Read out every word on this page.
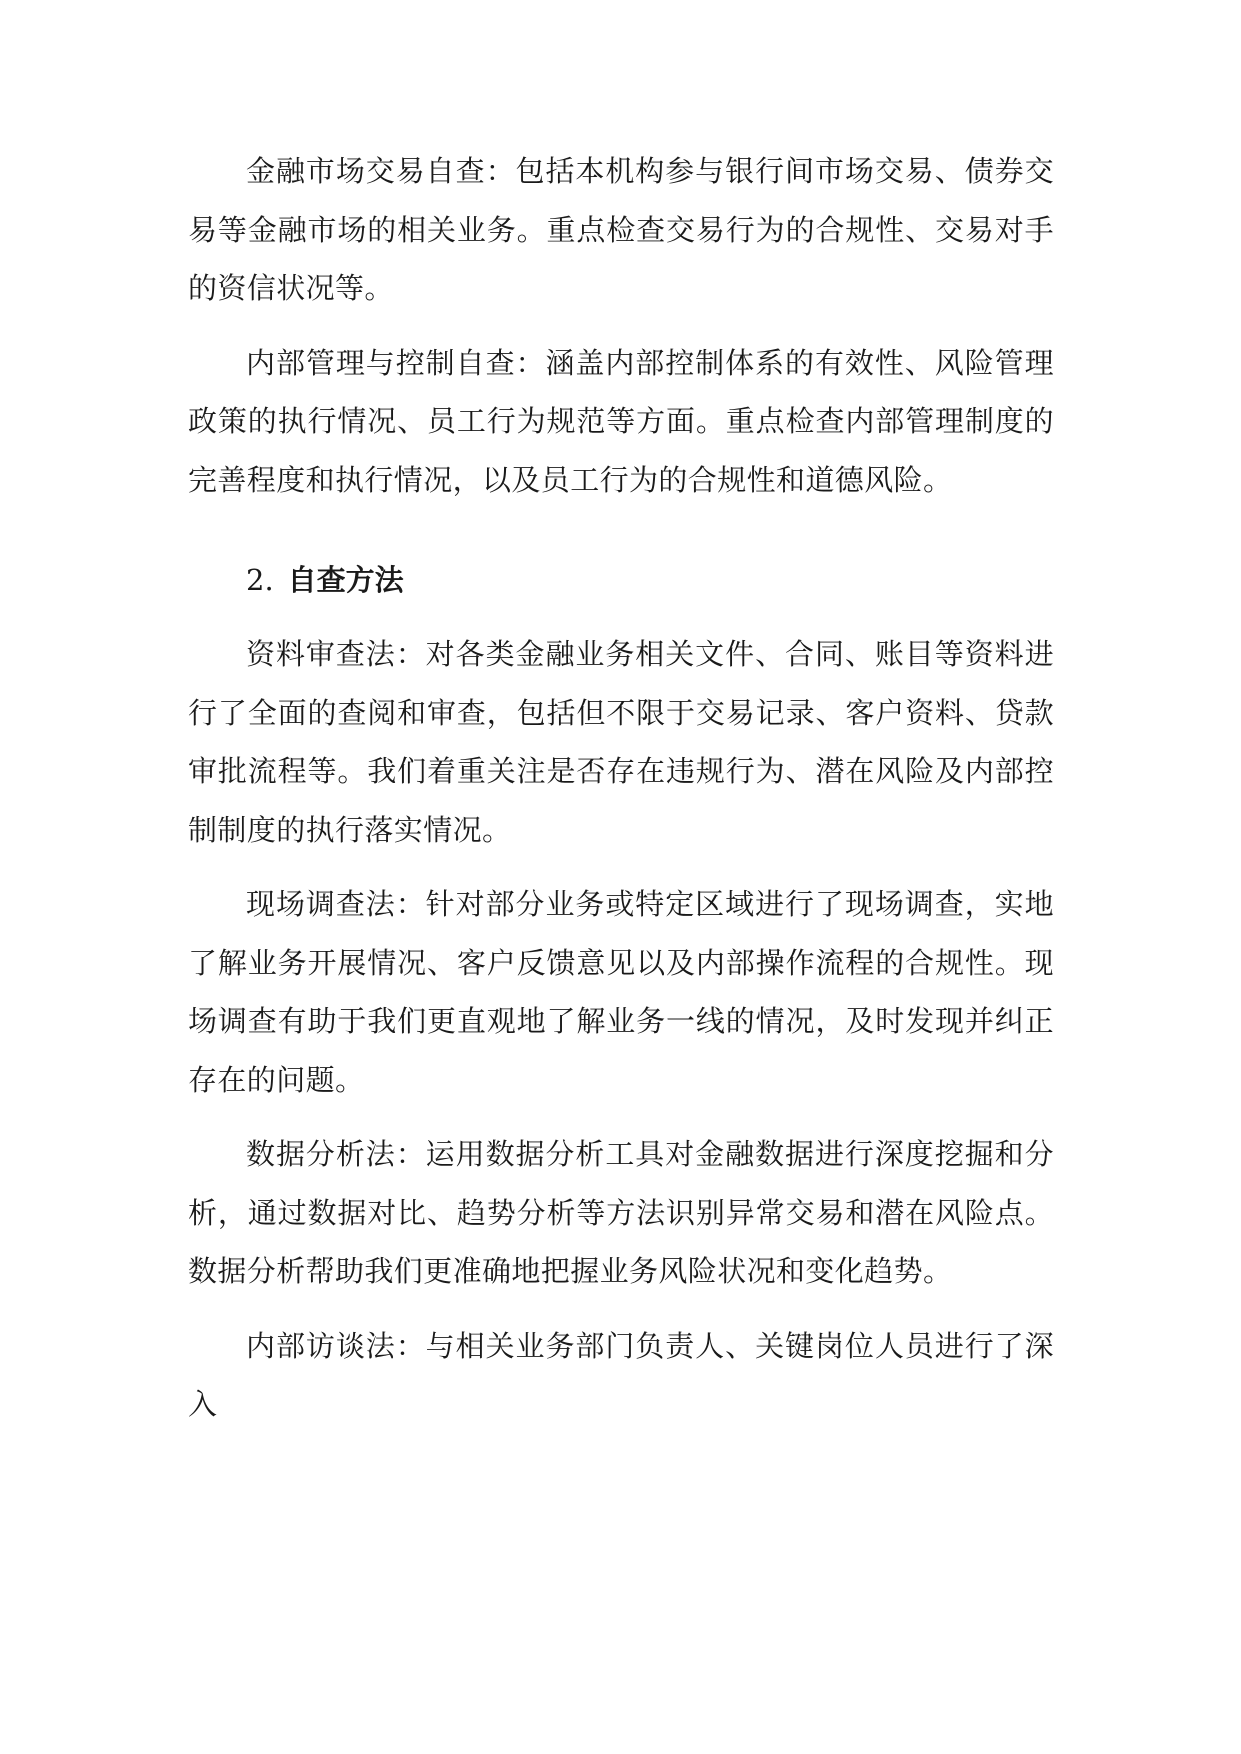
金融市场交易自查：包括本机构参与银行间市场交易、债券交易等金融市场的相关业务。重点检查交易行为的合规性、交易对手的资信状况等。

内部管理与控制自查：涵盖内部控制体系的有效性、风险管理政策的执行情况、员工行为规范等方面。重点检查内部管理制度的完善程度和执行情况，以及员工行为的合规性和道德风险。

2. 自查方法

资料审查法：对各类金融业务相关文件、合同、账目等资料进行了全面的查阅和审查，包括但不限于交易记录、客户资料、贷款审批流程等。我们着重关注是否存在违规行为、潜在风险及内部控制制度的执行落实情况。

现场调查法：针对部分业务或特定区域进行了现场调查，实地了解业务开展情况、客户反馈意见以及内部操作流程的合规性。现场调查有助于我们更直观地了解业务一线的情况，及时发现并纠正存在的问题。

数据分析法：运用数据分析工具对金融数据进行深度挖掘和分析，通过数据对比、趋势分析等方法识别异常交易和潜在风险点。数据分析帮助我们更准确地把握业务风险状况和变化趋势。

内部访谈法：与相关业务部门负责人、关键岗位人员进行了深入
